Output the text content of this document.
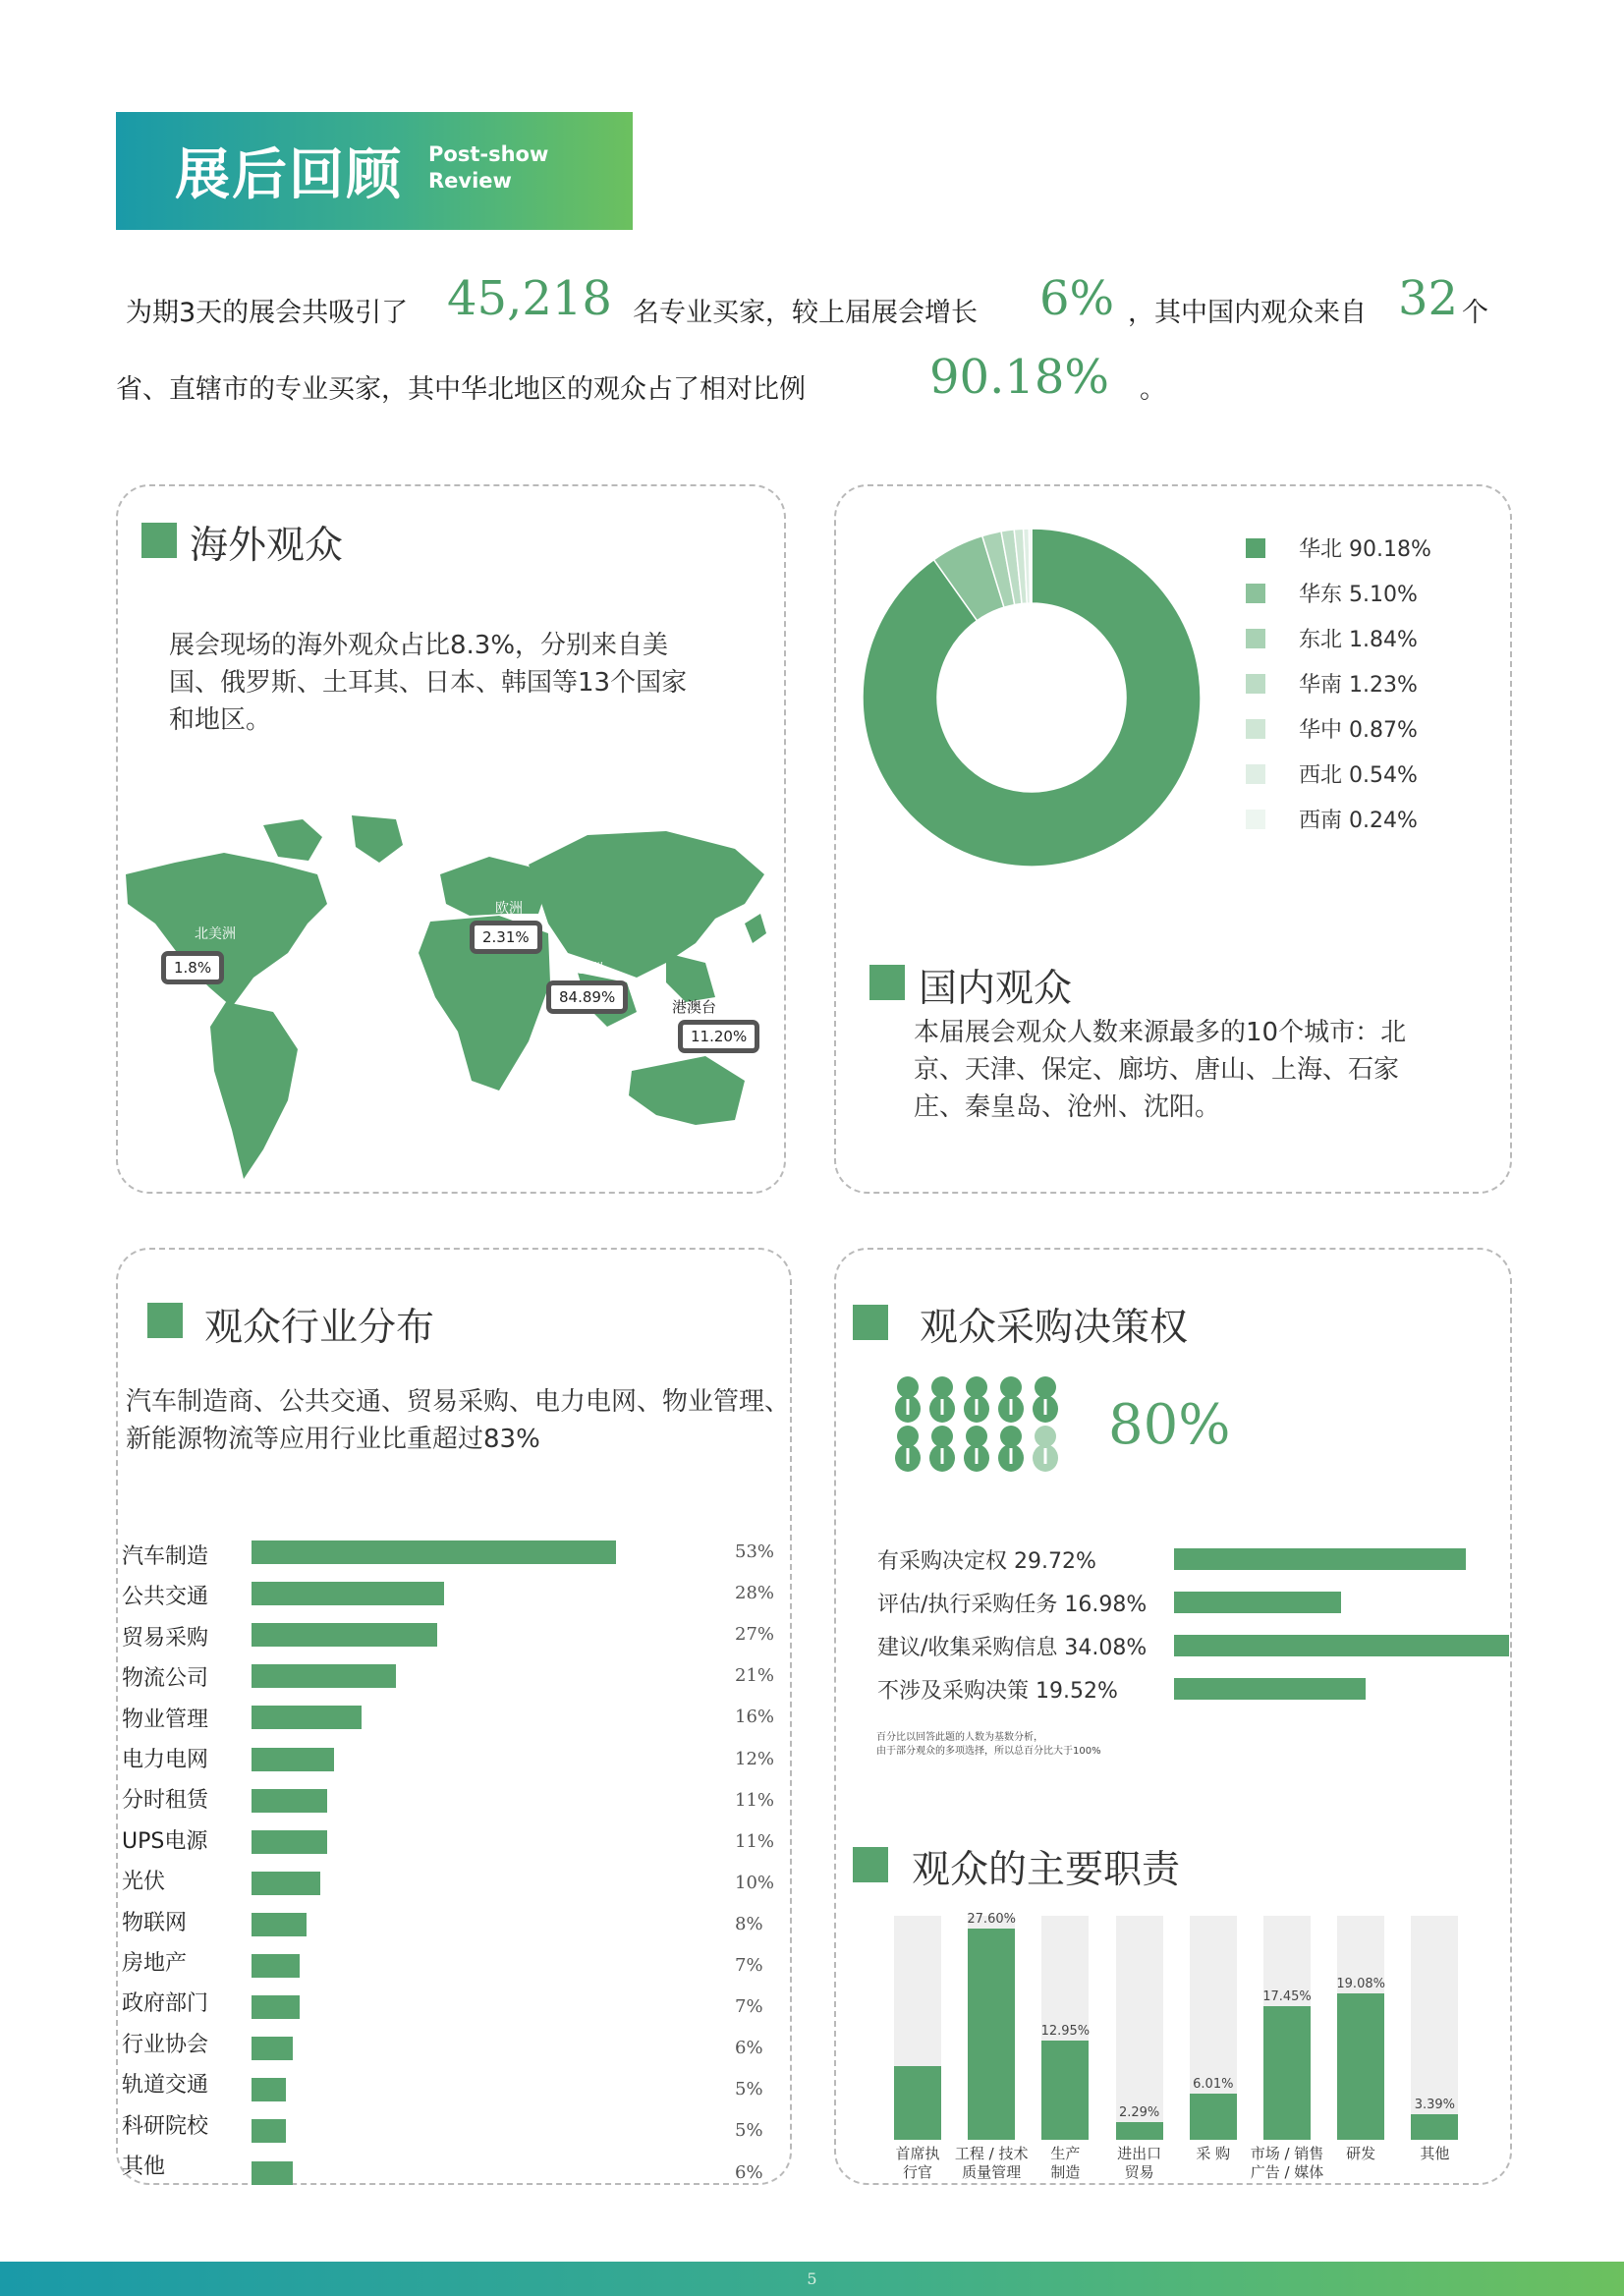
展后回顾 Post-show
Review
为期3天的展会共吸引了 45,218 名专业买家，较上届展会增长 6% ，其中国内观众来自 32 个
省、直辖市的专业买家，其中华北地区的观众占了相对比例	90.18% 。
海外观众
展会现场的海外观众占比8.3%，分别来自美国、俄罗斯、土耳其、日本、韩国等13个国家和地区。
1.8%
北美洲	2.31%
欧洲
84.89%
亚洲
11.20%
港澳台
华北 90.18%
华东 5.10%
东北 1.84%
华南 1.23%
华中 0.87%
西北 0.54%
西南 0.24%
国内观众
本届展会观众人数来源最多的10个城市：北京、天津、保定、廊坊、唐山、上海、石家庄、秦皇岛、沧州、沈阳。
观众行业分布
汽车制造商、公共交通、贸易采购、电力电网、物业管理、新能源物流等应用行业比重超过83%
汽车制造	53%
公共交通	28%
贸易采购	27%
物流公司	21%
物业管理	16%
电力电网	12%
分时租赁	11%
UPS电源	11%
光伏	10%
物联网	8%
房地产	7%
政府部门	7%
行业协会	6%
轨道交通	5%
科研院校	5%
其他	6%
观众采购决策权
80%
有采购决定权 29.72%
评估/执行采购任务 16.98%
建议/收集采购信息 34.08%
不涉及采购决策 19.52%
百分比以回答此题的人数为基数分析，
由于部分观众的多项选择，所以总百分比大于100%
观众的主要职责
首席执
行官
27.60%
工程 / 技术
质量管理
12.95%
生产
制造
2.29%
进出口
贸易
6.01%
采 购
17.45%
市场 / 销售
广告 / 媒体
19.08%
研发
3.39%
其他
5
